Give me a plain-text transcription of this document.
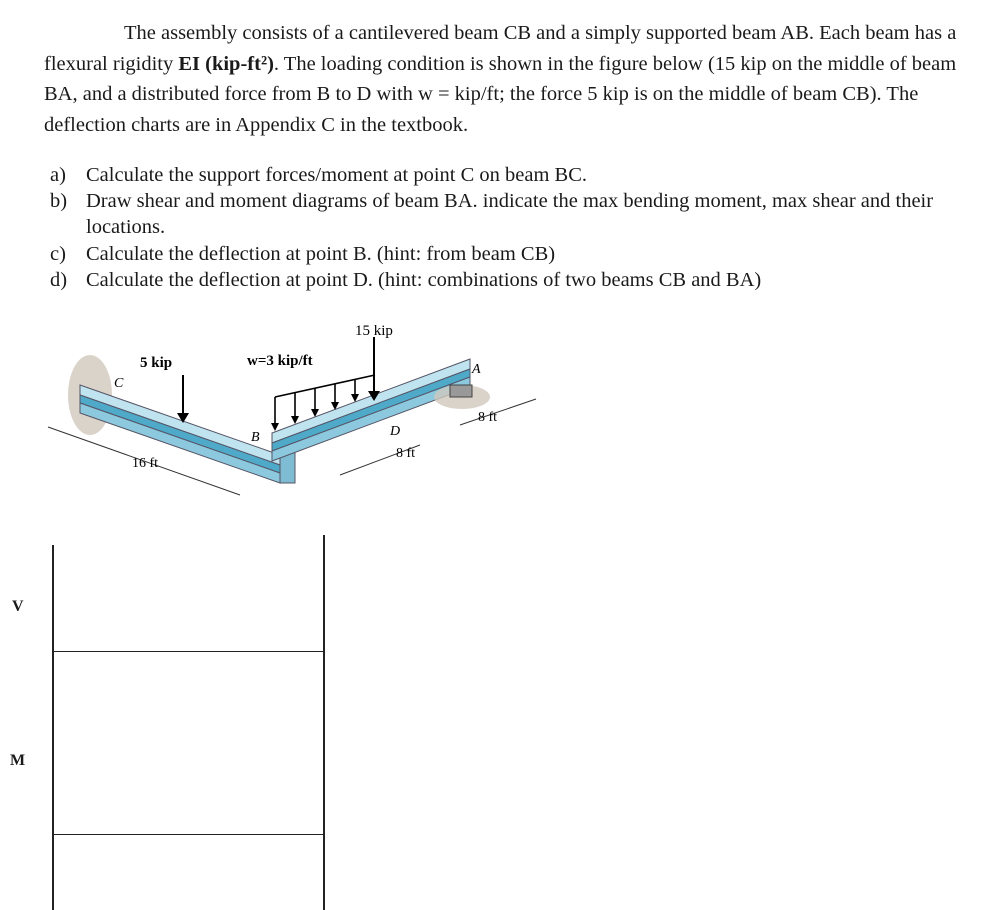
The assembly consists of a cantilevered beam CB and a simply supported beam AB. Each beam has a flexural rigidity EI (kip-ft²). The loading condition is shown in the figure below (15 kip on the middle of beam BA, and a distributed force from B to D with w = kip/ft; the force 5 kip is on the middle of beam CB). The deflection charts are in Appendix C in the textbook.
a) Calculate the support forces/moment at point C on beam BC.
b) Draw shear and moment diagrams of beam BA. indicate the max bending moment, max shear and their locations.
c) Calculate the deflection at point B. (hint: from beam CB)
d) Calculate the deflection at point D. (hint: combinations of two beams CB and BA)
15 kip
5 kip	w=3 kip/ft
C
B	D
A
16 ft
8 ft
8 ft
V
M
